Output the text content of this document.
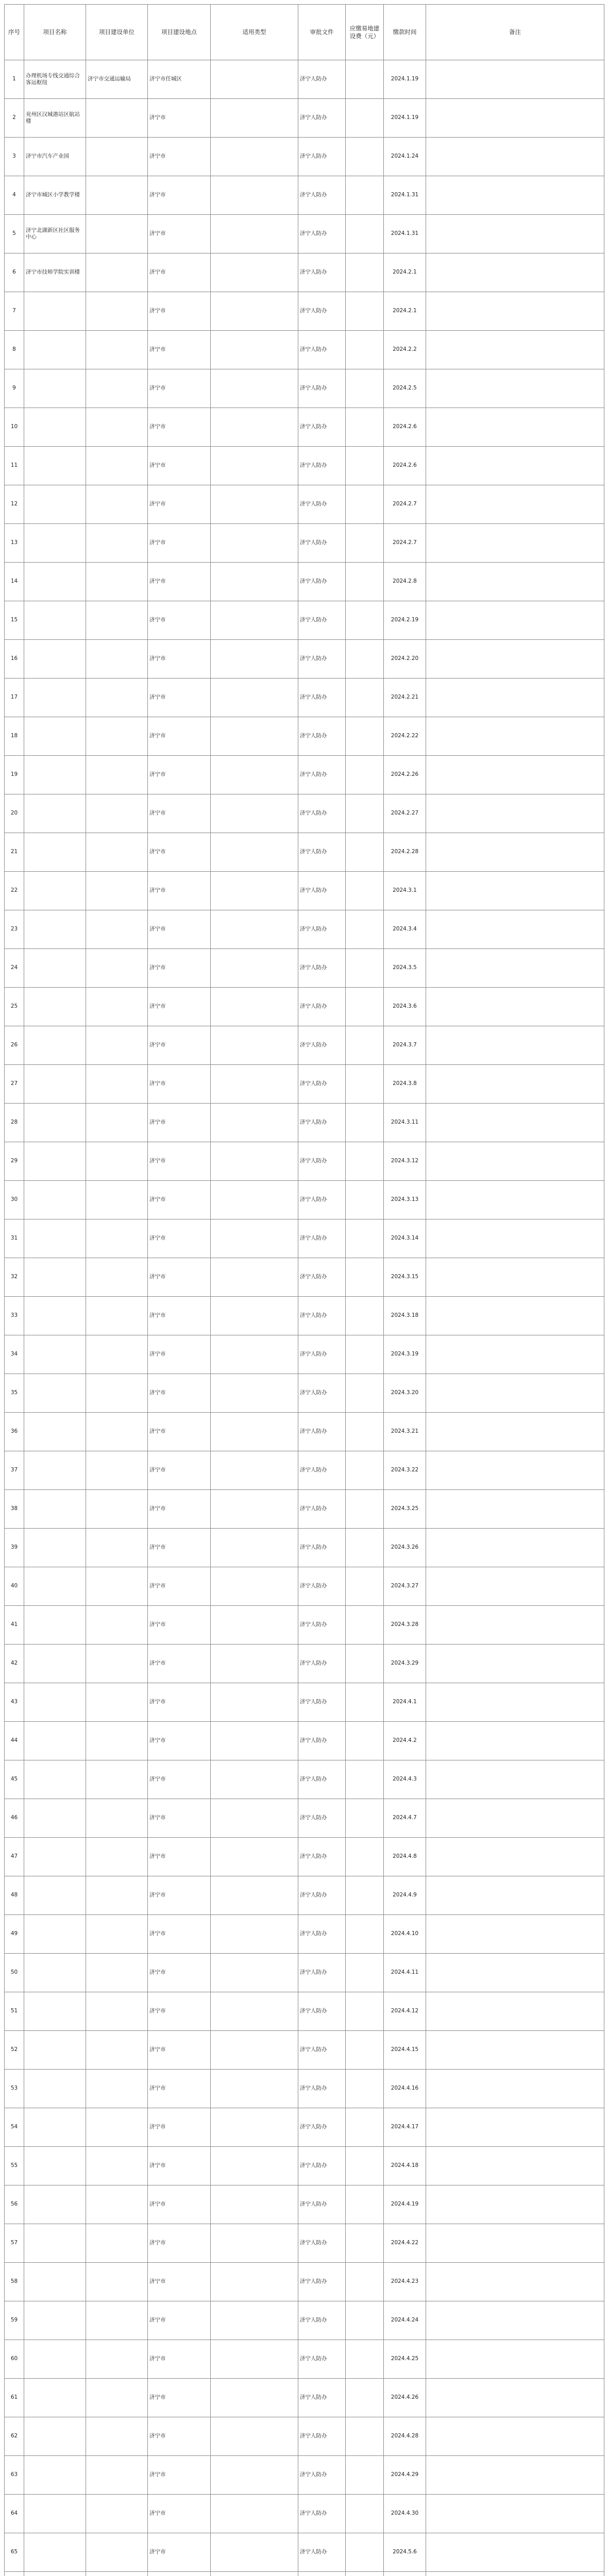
序号	项目名称	项目建设单位	项目建设地点	适用类型	审批文件	应缴易地建设费（元）	缴款时间	备注
1	办理机场专线交通综合客运枢纽	济宁市交通运输局	济宁市任城区		济宁人防办		2024.1.19	
2	兖州区汉城港站区航站楼		济宁市		济宁人防办		2024.1.19	
3	济宁市汽车产业园		济宁市		济宁人防办		2024.1.24	
4	济宁市城区小学教学楼		济宁市		济宁人防办		2024.1.31	
5	济宁北湖新区社区服务中心		济宁市		济宁人防办		2024.1.31	
6	济宁市技师学院实训楼		济宁市		济宁人防办		2024.2.1	
7			济宁市		济宁人防办		2024.2.1	
8			济宁市		济宁人防办		2024.2.2	
9			济宁市		济宁人防办		2024.2.5	
10			济宁市		济宁人防办		2024.2.6	
11			济宁市		济宁人防办		2024.2.6	
12			济宁市		济宁人防办		2024.2.7	
13			济宁市		济宁人防办		2024.2.7	
14			济宁市		济宁人防办		2024.2.8	
15			济宁市		济宁人防办		2024.2.19	
16			济宁市		济宁人防办		2024.2.20	
17			济宁市		济宁人防办		2024.2.21	
18			济宁市		济宁人防办		2024.2.22	
19			济宁市		济宁人防办		2024.2.26	
20			济宁市		济宁人防办		2024.2.27	
21			济宁市		济宁人防办		2024.2.28	
22			济宁市		济宁人防办		2024.3.1	
23			济宁市		济宁人防办		2024.3.4	
24			济宁市		济宁人防办		2024.3.5	
25			济宁市		济宁人防办		2024.3.6	
26			济宁市		济宁人防办		2024.3.7	
27			济宁市		济宁人防办		2024.3.8	
28			济宁市		济宁人防办		2024.3.11	
29			济宁市		济宁人防办		2024.3.12	
30			济宁市		济宁人防办		2024.3.13	
31			济宁市		济宁人防办		2024.3.14	
32			济宁市		济宁人防办		2024.3.15	
33			济宁市		济宁人防办		2024.3.18	
34			济宁市		济宁人防办		2024.3.19	
35			济宁市		济宁人防办		2024.3.20	
36			济宁市		济宁人防办		2024.3.21	
37			济宁市		济宁人防办		2024.3.22	
38			济宁市		济宁人防办		2024.3.25	
39			济宁市		济宁人防办		2024.3.26	
40			济宁市		济宁人防办		2024.3.27	
41			济宁市		济宁人防办		2024.3.28	
42			济宁市		济宁人防办		2024.3.29	
43			济宁市		济宁人防办		2024.4.1	
44			济宁市		济宁人防办		2024.4.2	
45			济宁市		济宁人防办		2024.4.3	
46			济宁市		济宁人防办		2024.4.7	
47			济宁市		济宁人防办		2024.4.8	
48			济宁市		济宁人防办		2024.4.9	
49			济宁市		济宁人防办		2024.4.10	
50			济宁市		济宁人防办		2024.4.11	
51			济宁市		济宁人防办		2024.4.12	
52			济宁市		济宁人防办		2024.4.15	
53			济宁市		济宁人防办		2024.4.16	
54			济宁市		济宁人防办		2024.4.17	
55			济宁市		济宁人防办		2024.4.18	
56			济宁市		济宁人防办		2024.4.19	
57			济宁市		济宁人防办		2024.4.22	
58			济宁市		济宁人防办		2024.4.23	
59			济宁市		济宁人防办		2024.4.24	
60			济宁市		济宁人防办		2024.4.25	
61			济宁市		济宁人防办		2024.4.26	
62			济宁市		济宁人防办		2024.4.28	
63			济宁市		济宁人防办		2024.4.29	
64			济宁市		济宁人防办		2024.4.30	
65			济宁市		济宁人防办		2024.5.6	
